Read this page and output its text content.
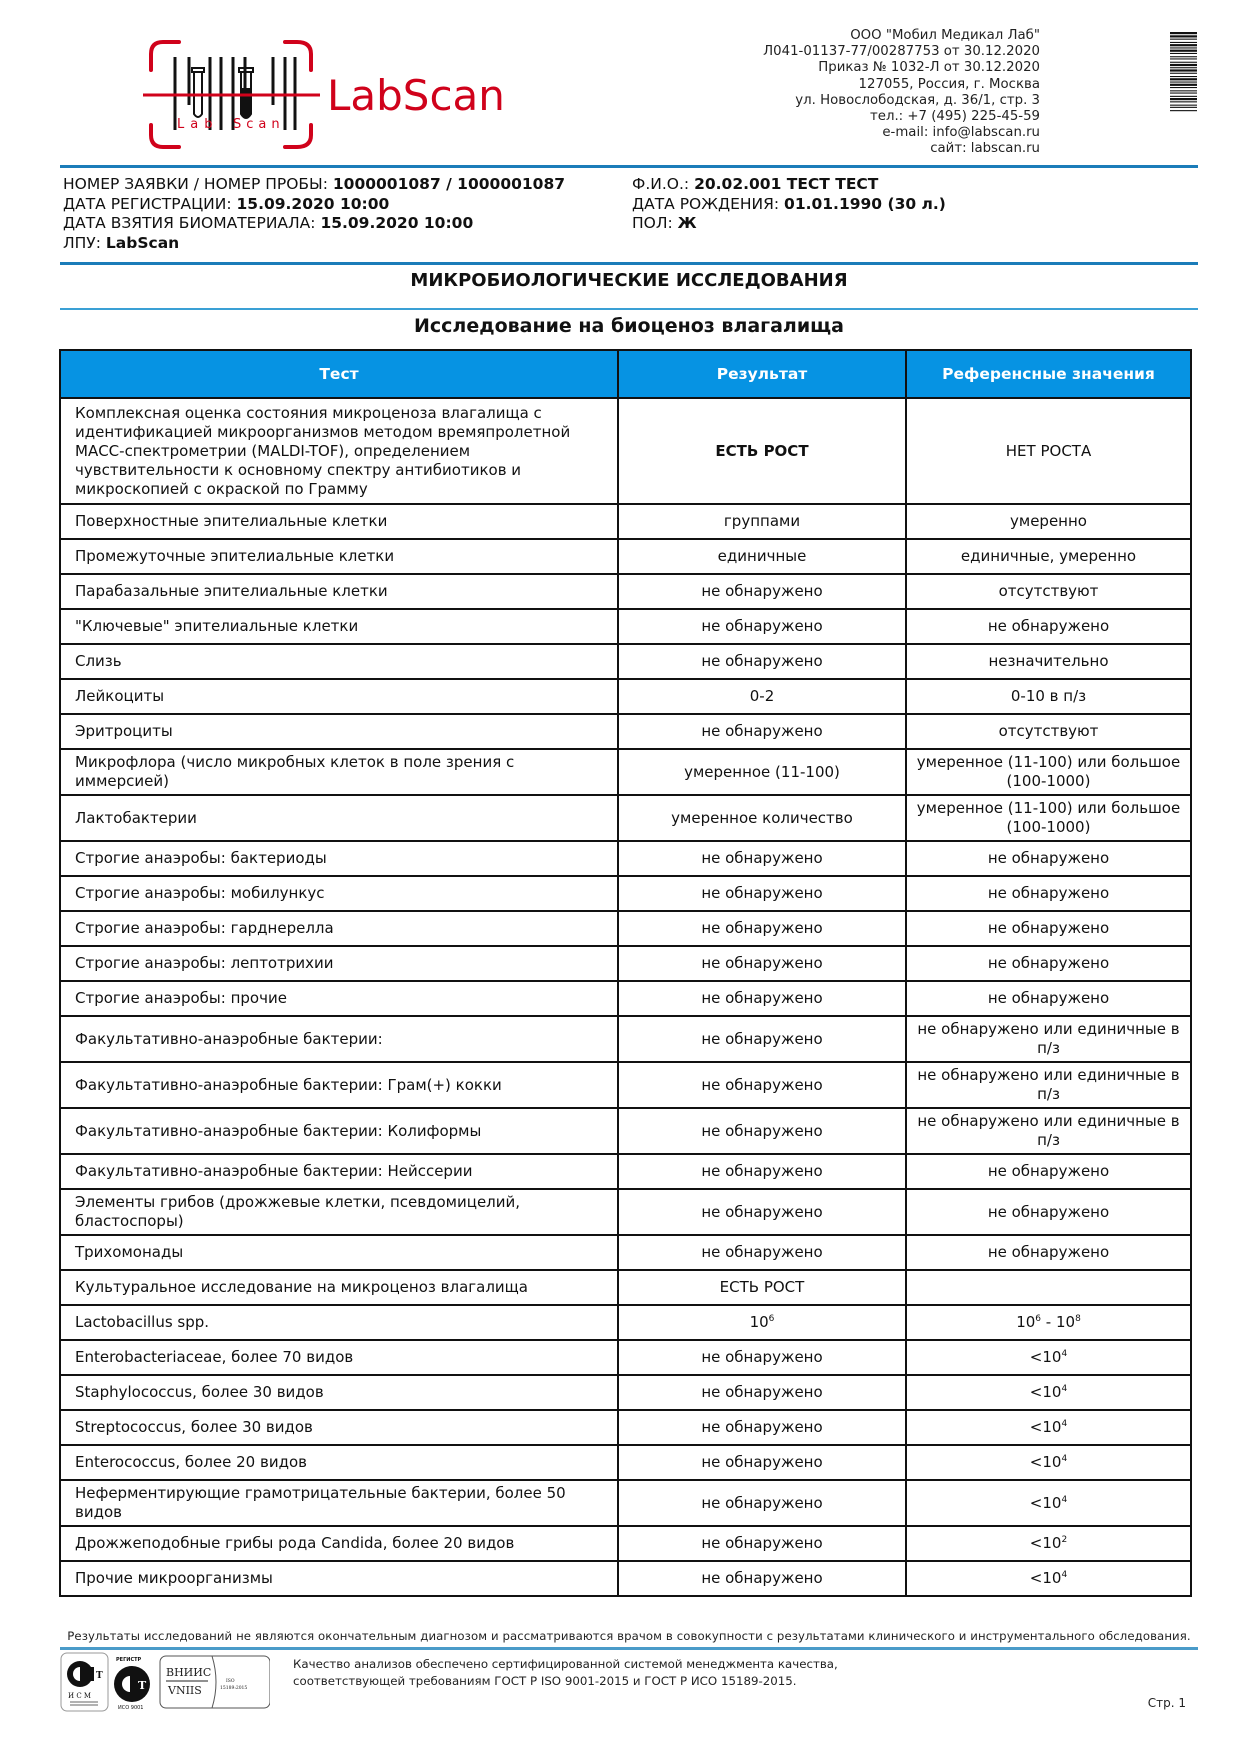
Lab Scan
LabScan
ООО "Мобил Медикал Лаб"
Л041-01137-77/00287753 от 30.12.2020
Приказ № 1032-Л от 30.12.2020
127055, Россия, г. Москва
ул. Новослободская, д. 36/1, стр. 3
тел.: +7 (495) 225-45-59
e-mail: info@labscan.ru
сайт: labscan.ru
НОМЕР ЗАЯВКИ / НОМЕР ПРОБЫ: 1000001087 / 1000001087
ДАТА РЕГИСТРАЦИИ: 15.09.2020 10:00
ДАТА ВЗЯТИЯ БИОМАТЕРИАЛА: 15.09.2020 10:00
ЛПУ: LabScan
Ф.И.О.: 20.02.001 ТЕСТ ТЕСТ
ДАТА РОЖДЕНИЯ: 01.01.1990 (30 л.)
ПОЛ: Ж
МИКРОБИОЛОГИЧЕСКИЕ ИССЛЕДОВАНИЯ
Исследование на биоценоз влагалища
Тест	Результат	Референсные значения
Комплексная оценка состояния микроценоза влагалища с идентификацией микроорганизмов методом времяпролетной МАСС-спектрометрии (MALDI-TOF), определением чувствительности к основному спектру антибиотиков и микроскопией с окраской по Грамму	ЕСТЬ РОСТ	НЕТ РОСТА
Поверхностные эпителиальные клетки	группами	умеренно
Промежуточные эпителиальные клетки	единичные	единичные, умеренно
Парабазальные эпителиальные клетки	не обнаружено	отсутствуют
"Ключевые" эпителиальные клетки	не обнаружено	не обнаружено
Слизь	не обнаружено	незначительно
Лейкоциты	0-2	0-10 в п/з
Эритроциты	не обнаружено	отсутствуют
Микрофлора (число микробных клеток в поле зрения с иммерсией)	умеренное (11-100)	умеренное (11-100) или большое (100-1000)
Лактобактерии	умеренное количество	умеренное (11-100) или большое (100-1000)
Строгие анаэробы: бактериоды	не обнаружено	не обнаружено
Строгие анаэробы: мобилункус	не обнаружено	не обнаружено
Строгие анаэробы: гарднерелла	не обнаружено	не обнаружено
Строгие анаэробы: лептотрихии	не обнаружено	не обнаружено
Строгие анаэробы: прочие	не обнаружено	не обнаружено
Факультативно-анаэробные бактерии:	не обнаружено	не обнаружено или единичные в п/з
Факультативно-анаэробные бактерии: Грам(+) кокки	не обнаружено	не обнаружено или единичные в п/з
Факультативно-анаэробные бактерии: Колиформы	не обнаружено	не обнаружено или единичные в п/з
Факультативно-анаэробные бактерии: Нейссерии	не обнаружено	не обнаружено
Элементы грибов (дрожжевые клетки, псевдомицелий, бластоспоры)	не обнаружено	не обнаружено
Трихомонады	не обнаружено	не обнаружено
Культуральное исследование на микроценоз влагалища	ЕСТЬ РОСТ	
Lactobacillus spp.	$10^6$	$10^6 - 10^8$
Enterobacteriaceae, более 70 видов	не обнаружено	$<10^4$
Staphylococcus, более 30 видов	не обнаружено	$<10^4$
Streptococcus, более 30 видов	не обнаружено	$<10^4$
Enterococcus, более 20 видов	не обнаружено	$<10^4$
Неферментирующие грамотрицательные бактерии, более 50 видов	не обнаружено	$<10^4$
Дрожжеподобные грибы рода Candida, более 20 видов	не обнаружено	$<10^2$
Прочие микроорганизмы	не обнаружено	$<10^4$
Результаты исследований не являются окончательным диагнозом и рассматриваются врачом в совокупности с результатами клинического и инструментального обследования.
T
И С М
РЕГИСТР
T
ИСО 9001
ВНИИС
VNIIS
ISO
15189:2015
Качество анализов обеспечено сертифицированной системой менеджмента качества,
соответствующей требованиям ГОСТ Р ISO 9001-2015 и ГОСТ Р ИСО 15189-2015.
Стр. 1
